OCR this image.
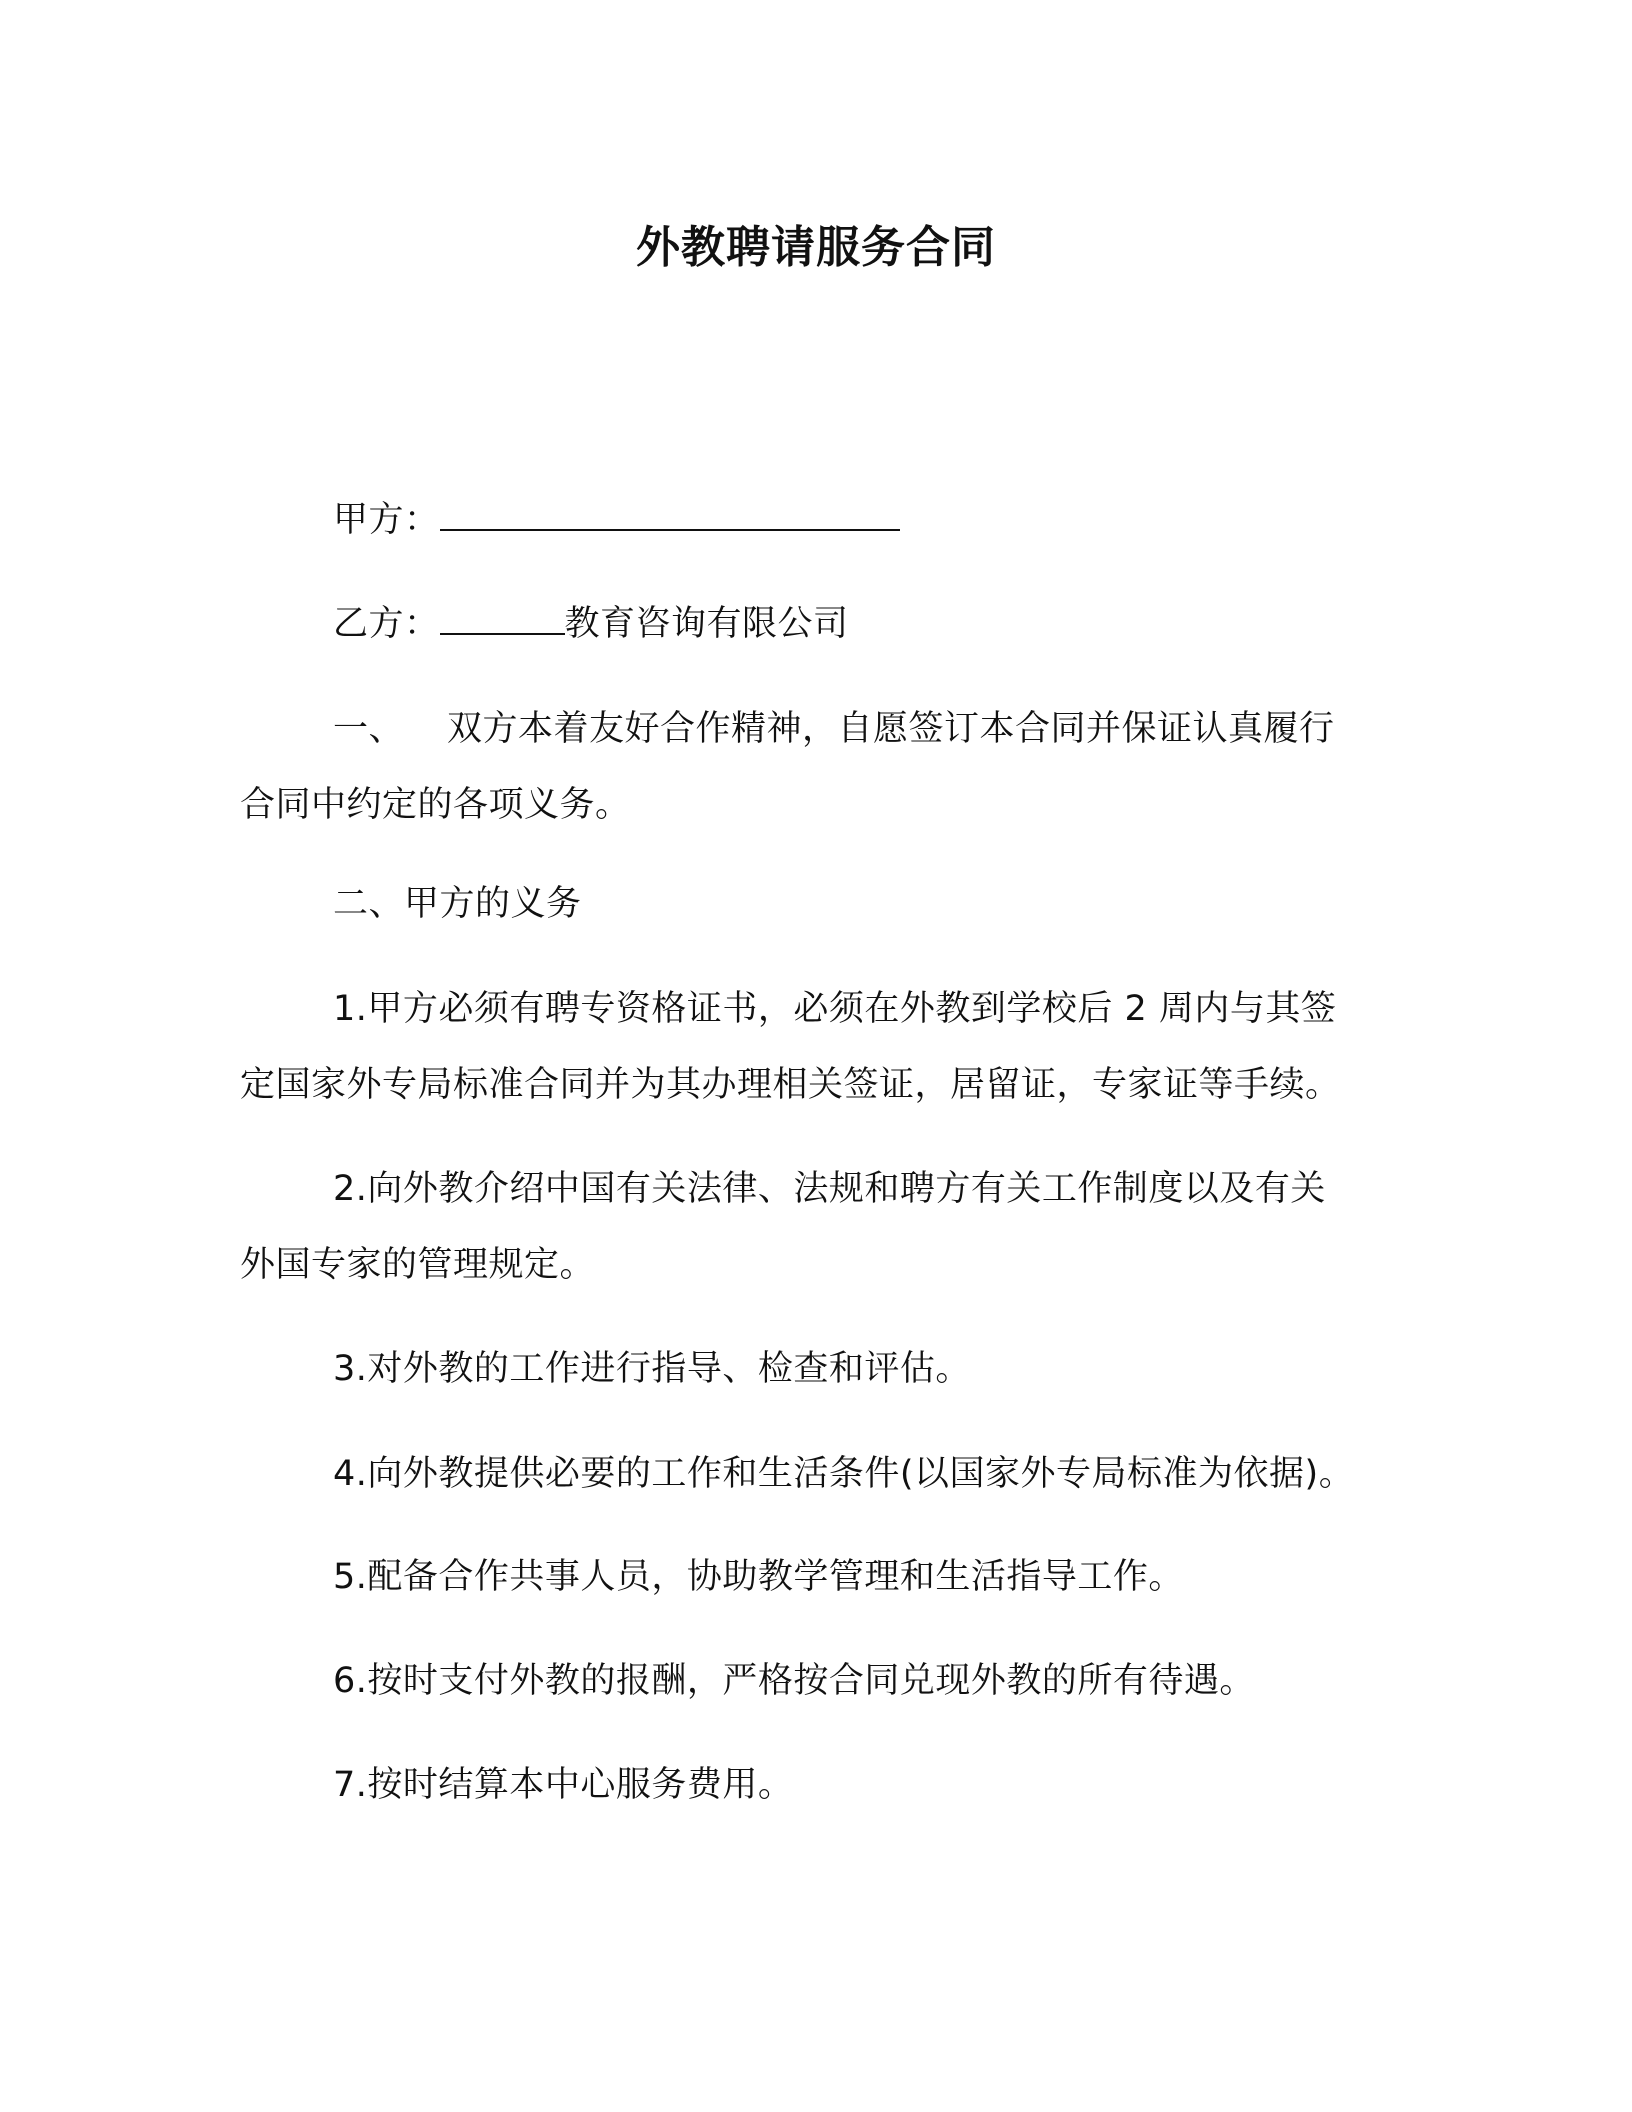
外教聘请服务合同
甲方：
乙方：	教育咨询有限公司
一、 双方本着友好合作精神，自愿签订本合同并保证认真履行
合同中约定的各项义务。
二、甲方的义务
1.甲方必须有聘专资格证书，必须在外教到学校后 2 周内与其签
定国家外专局标准合同并为其办理相关签证，居留证，专家证等手续。
2.向外教介绍中国有关法律、法规和聘方有关工作制度以及有关
外国专家的管理规定。
3.对外教的工作进行指导、检查和评估。
4.向外教提供必要的工作和生活条件(以国家外专局标准为依据)。
5.配备合作共事人员，协助教学管理和生活指导工作。
6.按时支付外教的报酬，严格按合同兑现外教的所有待遇。
7.按时结算本中心服务费用。
